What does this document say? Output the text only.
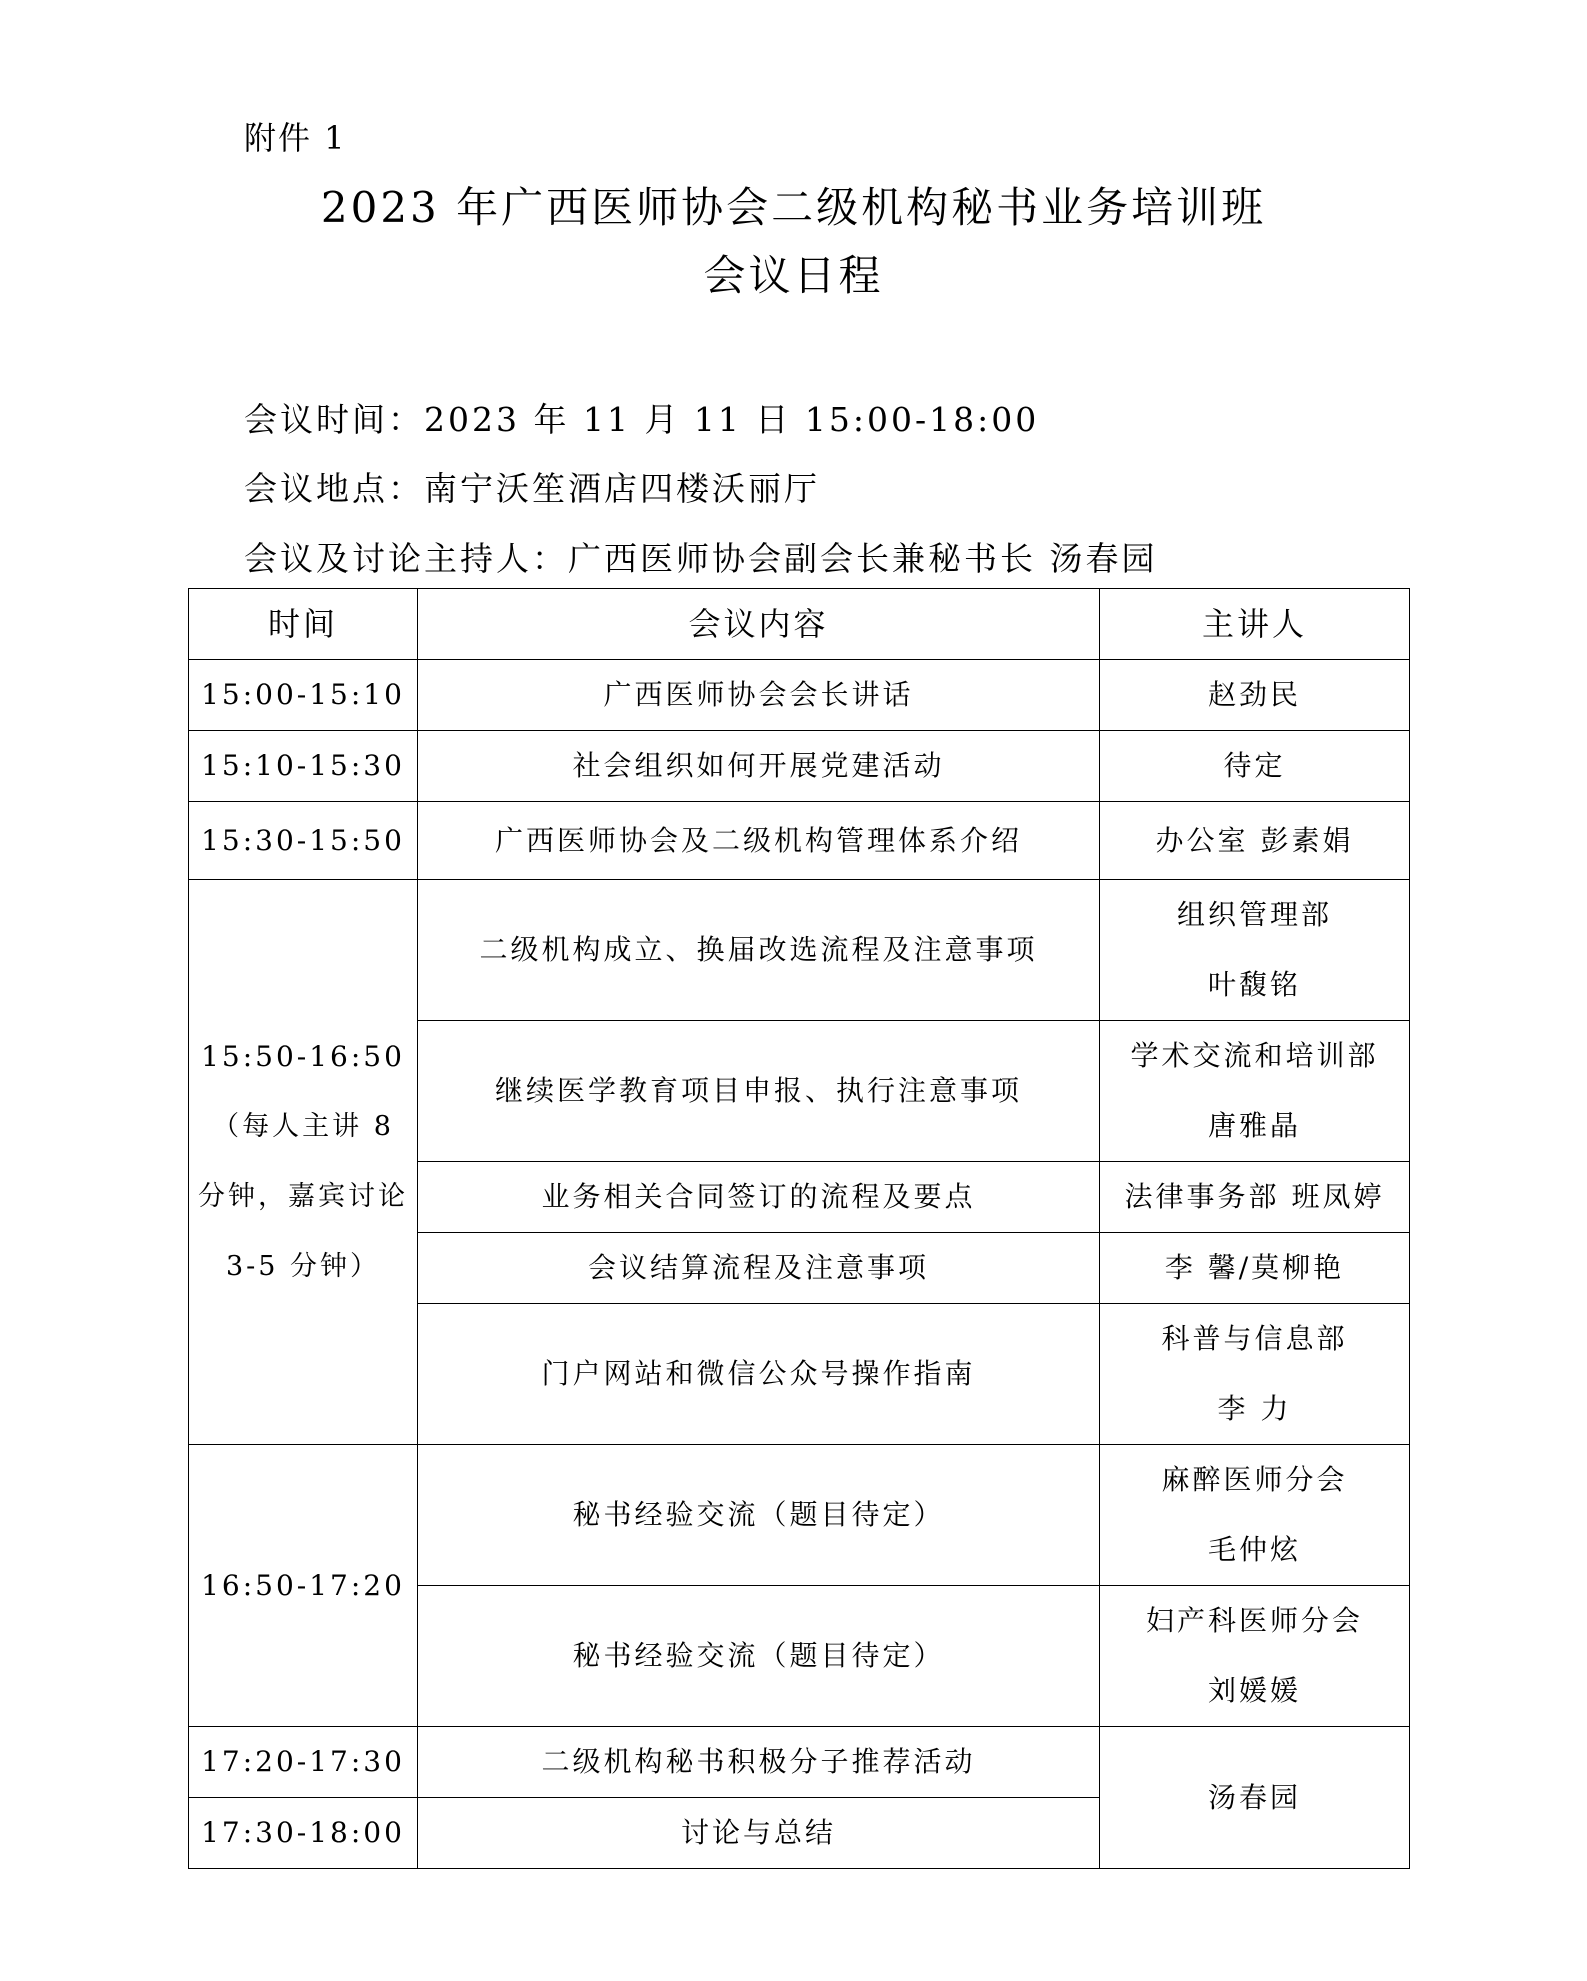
附件 1
2023 年广西医师协会二级机构秘书业务培训班
会议日程
会议时间：2023 年 11 月 11 日 15:00-18:00
会议地点：南宁沃笙酒店四楼沃丽厅
会议及讨论主持人：广西医师协会副会长兼秘书长 汤春园
时间	会议内容	主讲人
15:00-15:10	广西医师协会会长讲话	赵劲民
15:10-15:30	社会组织如何开展党建活动	待定
15:30-15:50	广西医师协会及二级机构管理体系介绍	办公室 彭素娟

15:50-16:50
（每人主讲 8
分钟，嘉宾讨论
3-5 分钟）	二级机构成立、换届改选流程及注意事项	组织管理部
叶馥铭

	继续医学教育项目申报、执行注意事项	学术交流和培训部
唐雅晶

	业务相关合同签订的流程及要点	法律事务部 班凤婷
	会议结算流程及注意事项	李 馨/莫柳艳
	门户网站和微信公众号操作指南	科普与信息部
李 力

16:50-17:20	秘书经验交流（题目待定）	麻醉医师分会
毛仲炫

	秘书经验交流（题目待定）	妇产科医师分会
刘媛媛

17:20-17:30	二级机构秘书积极分子推荐活动	汤春园
17:30-18:00	讨论与总结	
